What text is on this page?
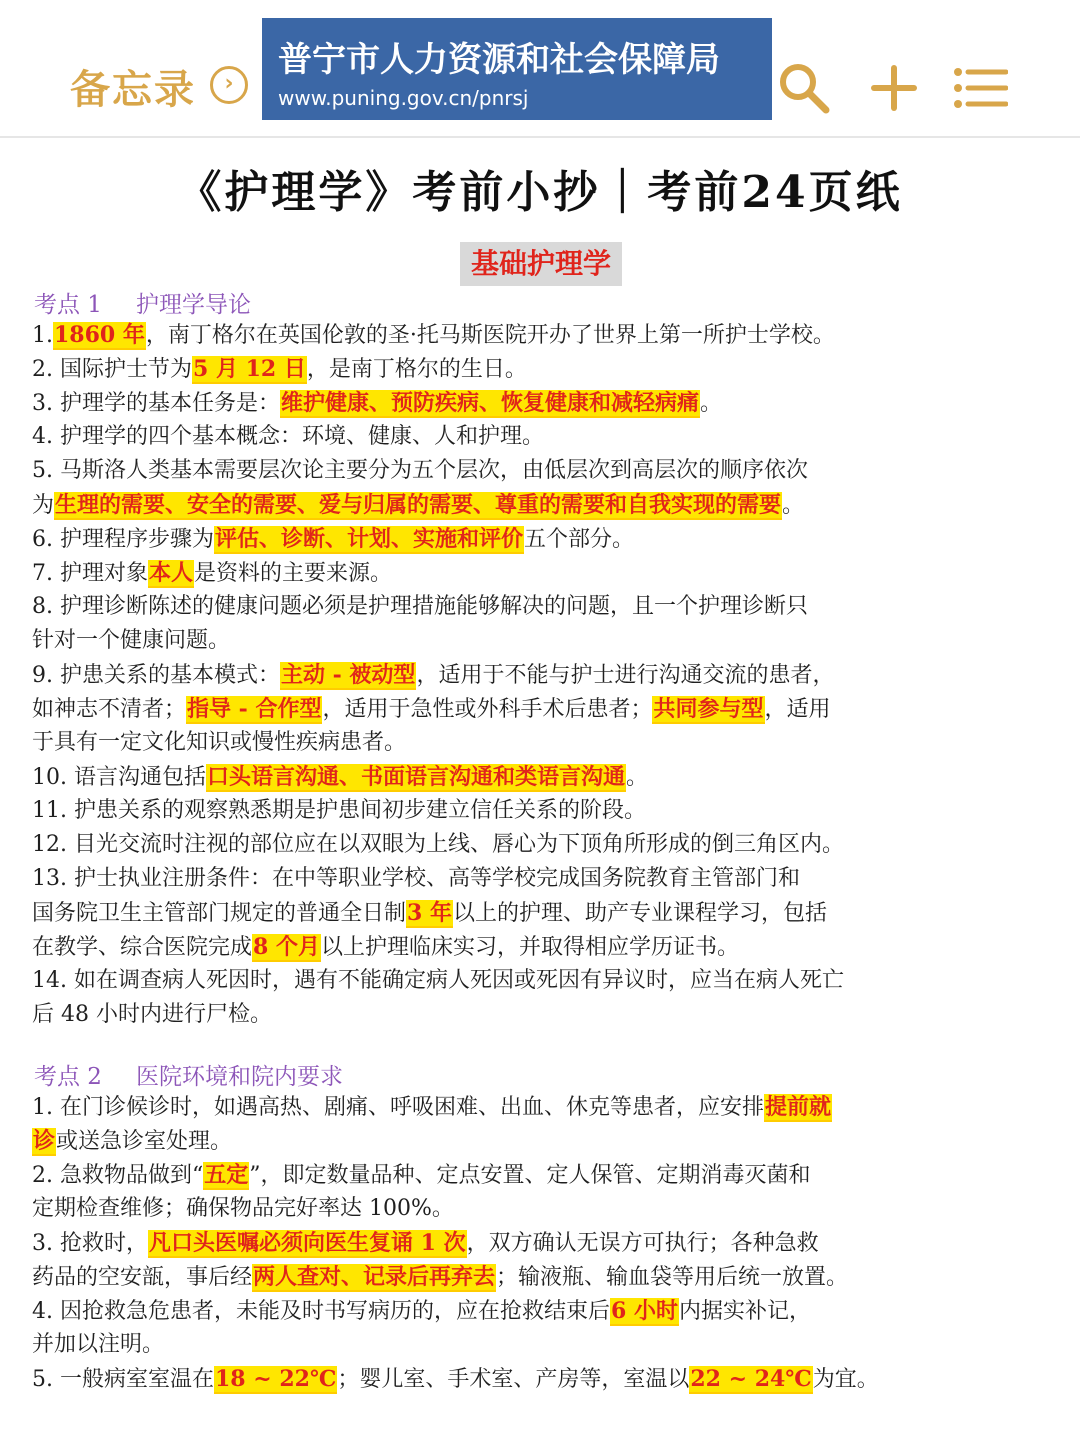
备忘录	›
普宁市人力资源和社会保障局
www.puning.gov.cn/pnrsj
《护理学》考前小抄｜考前24页纸
基础护理学
考点 1 护理学导论
1.1860 年，南丁格尔在英国伦敦的圣·托马斯医院开办了世界上第一所护士学校。
2. 国际护士节为5 月 12 日，是南丁格尔的生日。
3. 护理学的基本任务是：维护健康、预防疾病、恢复健康和减轻病痛。
4. 护理学的四个基本概念：环境、健康、人和护理。
5. 马斯洛人类基本需要层次论主要分为五个层次，由低层次到高层次的顺序依次
为生理的需要、安全的需要、爱与归属的需要、尊重的需要和自我实现的需要。
6. 护理程序步骤为评估、诊断、计划、实施和评价五个部分。
7. 护理对象本人是资料的主要来源。
8. 护理诊断陈述的健康问题必须是护理措施能够解决的问题，且一个护理诊断只
针对一个健康问题。
9. 护患关系的基本模式：主动 - 被动型，适用于不能与护士进行沟通交流的患者，
如神志不清者；指导 - 合作型，适用于急性或外科手术后患者；共同参与型，适用
于具有一定文化知识或慢性疾病患者。
10. 语言沟通包括口头语言沟通、书面语言沟通和类语言沟通。
11. 护患关系的观察熟悉期是护患间初步建立信任关系的阶段。
12. 目光交流时注视的部位应在以双眼为上线、唇心为下顶角所形成的倒三角区内。
13. 护士执业注册条件：在中等职业学校、高等学校完成国务院教育主管部门和
国务院卫生主管部门规定的普通全日制3 年以上的护理、助产专业课程学习，包括
在教学、综合医院完成8 个月以上护理临床实习，并取得相应学历证书。
14. 如在调查病人死因时，遇有不能确定病人死因或死因有异议时，应当在病人死亡
后 48 小时内进行尸检。
考点 2 医院环境和院内要求
1. 在门诊候诊时，如遇高热、剧痛、呼吸困难、出血、休克等患者，应安排提前就
诊或送急诊室处理。
2. 急救物品做到“五定”，即定数量品种、定点安置、定人保管、定期消毒灭菌和
定期检查维修；确保物品完好率达 100%。
3. 抢救时，凡口头医嘱必须向医生复诵 1 次，双方确认无误方可执行；各种急救
药品的空安瓿，事后经两人查对、记录后再弃去；输液瓶、输血袋等用后统一放置。
4. 因抢救急危患者，未能及时书写病历的，应在抢救结束后6 小时内据实补记，
并加以注明。
5. 一般病室室温在18 ~ 22℃；婴儿室、手术室、产房等，室温以22 ~ 24℃为宜。
